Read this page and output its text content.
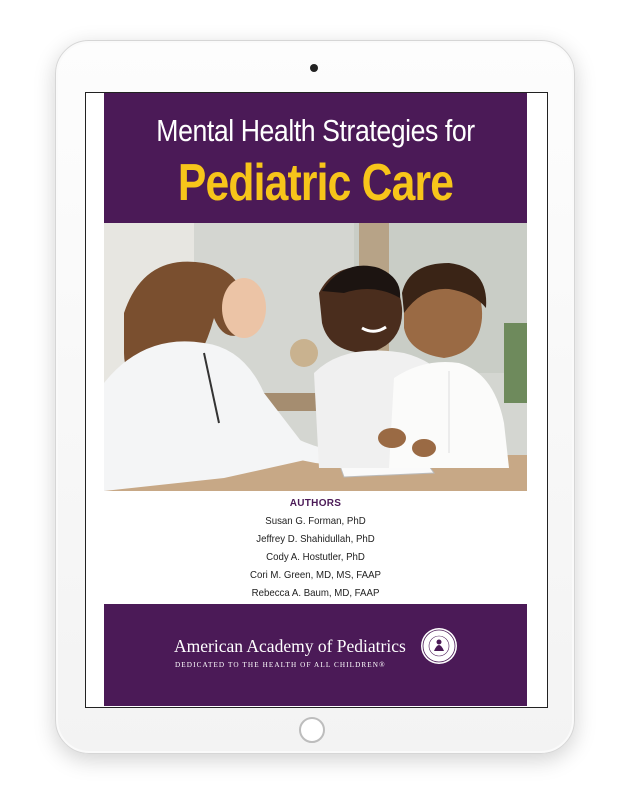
Mental Health Strategies for
Pediatric Care
AUTHORS
Susan G. Forman, PhD
Jeffrey D. Shahidullah, PhD
Cody A. Hostutler, PhD
Cori M. Green, MD, MS, FAAP
Rebecca A. Baum, MD, FAAP
American Academy of Pediatrics
DEDICATED TO THE HEALTH OF ALL CHILDREN®
